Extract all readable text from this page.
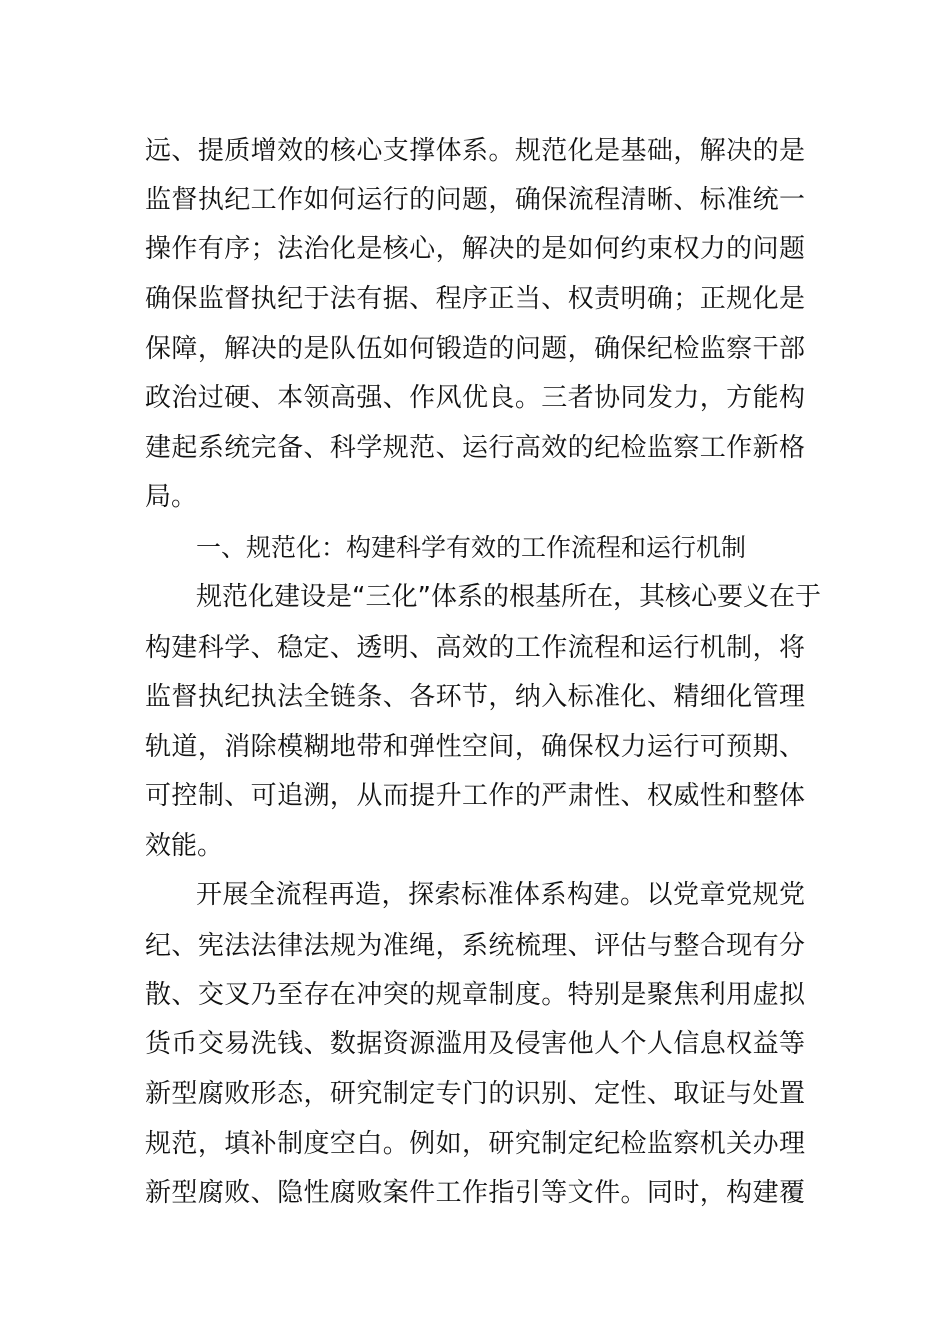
远、提质增效的核心支撑体系。规范化是基础，解决的是
监督执纪工作如何运行的问题，确保流程清晰、标准统一
操作有序；法治化是核心，解决的是如何约束权力的问题
确保监督执纪于法有据、程序正当、权责明确；正规化是
保障，解决的是队伍如何锻造的问题，确保纪检监察干部
政治过硬、本领高强、作风优良。三者协同发力，方能构
建起系统完备、科学规范、运行高效的纪检监察工作新格
局。
一、规范化：构建科学有效的工作流程和运行机制
规范化建设是“三化”体系的根基所在，其核心要义在于
构建科学、稳定、透明、高效的工作流程和运行机制，将
监督执纪执法全链条、各环节，纳入标准化、精细化管理
轨道，消除模糊地带和弹性空间，确保权力运行可预期、
可控制、可追溯，从而提升工作的严肃性、权威性和整体
效能。
开展全流程再造，探索标准体系构建。以党章党规党
纪、宪法法律法规为准绳，系统梳理、评估与整合现有分
散、交叉乃至存在冲突的规章制度。特别是聚焦利用虚拟
货币交易洗钱、数据资源滥用及侵害他人个人信息权益等
新型腐败形态，研究制定专门的识别、定性、取证与处置
规范，填补制度空白。例如，研究制定纪检监察机关办理
新型腐败、隐性腐败案件工作指引等文件。同时，构建覆
